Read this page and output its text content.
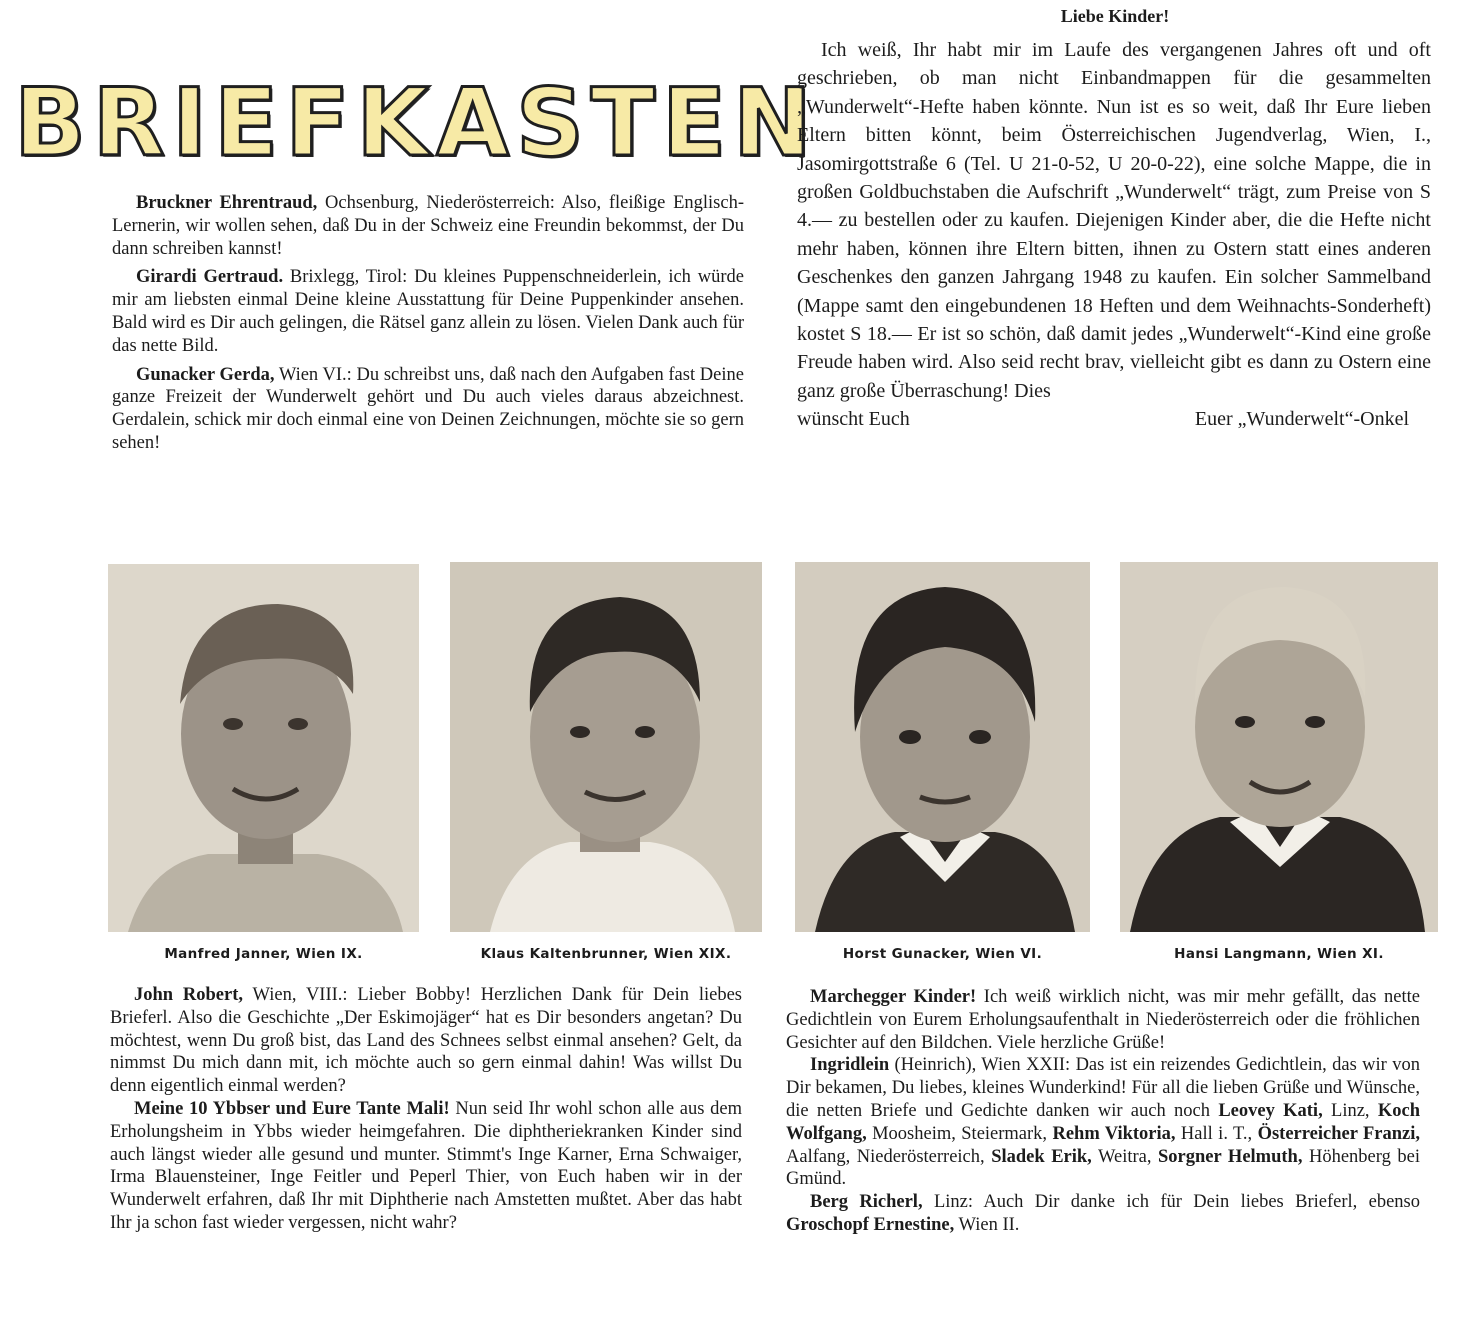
BRIEFKASTEN

Bruckner Ehrentraud, Ochsenburg, Niederösterreich: Also, fleißige Englisch-Lernerin, wir wollen sehen, daß Du in der Schweiz eine Freundin bekommst, der Du dann schreiben kannst!

Girardi Gertraud. Brixlegg, Tirol: Du kleines Puppenschneiderlein, ich würde mir am liebsten einmal Deine kleine Ausstattung für Deine Puppenkinder ansehen. Bald wird es Dir auch gelingen, die Rätsel ganz allein zu lösen. Vielen Dank auch für das nette Bild.

Gunacker Gerda, Wien VI.: Du schreibst uns, daß nach den Aufgaben fast Deine ganze Freizeit der Wunderwelt gehört und Du auch vieles daraus abzeichnest. Gerdalein, schick mir doch einmal eine von Deinen Zeichnungen, möchte sie so gern sehen!

Liebe Kinder!

Ich weiß, Ihr habt mir im Laufe des vergangenen Jahres oft und oft geschrieben, ob man nicht Einbandmappen für die gesammelten „Wunderwelt“-Hefte haben könnte. Nun ist es so weit, daß Ihr Eure lieben Eltern bitten könnt, beim Österreichischen Jugendverlag, Wien, I., Jasomirgottstraße 6 (Tel. U 21-0-52, U 20-0-22), eine solche Mappe, die in großen Goldbuchstaben die Aufschrift „Wunderwelt“ trägt, zum Preise von S 4.— zu bestellen oder zu kaufen. Diejenigen Kinder aber, die die Hefte nicht mehr haben, können ihre Eltern bitten, ihnen zu Ostern statt eines anderen Geschenkes den ganzen Jahrgang 1948 zu kaufen. Ein solcher Sammelband (Mappe samt den eingebundenen 18 Heften und dem Weihnachts-Sonderheft) kostet S 18.— Er ist so schön, daß damit jedes „Wunderwelt“-Kind eine große Freude haben wird. Also seid recht brav, vielleicht gibt es dann zu Ostern eine ganz große Überraschung! Dies

wünscht Euch	Euer „Wunderwelt“-Onkel
Manfred Janner, Wien IX.	Klaus Kaltenbrunner, Wien XIX.	Horst Gunacker, Wien VI.	Hansi Langmann, Wien XI.

John Robert, Wien, VIII.: Lieber Bobby! Herzlichen Dank für Dein liebes Brieferl. Also die Geschichte „Der Eskimojäger“ hat es Dir besonders angetan? Du möchtest, wenn Du groß bist, das Land des Schnees selbst einmal ansehen? Gelt, da nimmst Du mich dann mit, ich möchte auch so gern einmal dahin! Was willst Du denn eigentlich einmal werden?

Meine 10 Ybbser und Eure Tante Mali! Nun seid Ihr wohl schon alle aus dem Erholungsheim in Ybbs wieder heimgefahren. Die diphtheriekranken Kinder sind auch längst wieder alle gesund und munter. Stimmt's Inge Karner, Erna Schwaiger, Irma Blauensteiner, Inge Feitler und Peperl Thier, von Euch haben wir in der Wunderwelt erfahren, daß Ihr mit Diphtherie nach Amstetten mußtet. Aber das habt Ihr ja schon fast wieder vergessen, nicht wahr?

Marchegger Kinder! Ich weiß wirklich nicht, was mir mehr gefällt, das nette Gedichtlein von Eurem Erholungsaufenthalt in Niederösterreich oder die fröhlichen Gesichter auf den Bildchen. Viele herzliche Grüße!

Ingridlein (Heinrich), Wien XXII: Das ist ein reizendes Gedichtlein, das wir von Dir bekamen, Du liebes, kleines Wunderkind! Für all die lieben Grüße und Wünsche, die netten Briefe und Gedichte danken wir auch noch Leovey Kati, Linz, Koch Wolfgang, Moosheim, Steiermark, Rehm Viktoria, Hall i. T., Österreicher Franzi, Aalfang, Niederösterreich, Sladek Erik, Weitra, Sorgner Helmuth, Höhenberg bei Gmünd.

Berg Richerl, Linz: Auch Dir danke ich für Dein liebes Brieferl, ebenso Groschopf Ernestine, Wien II.
